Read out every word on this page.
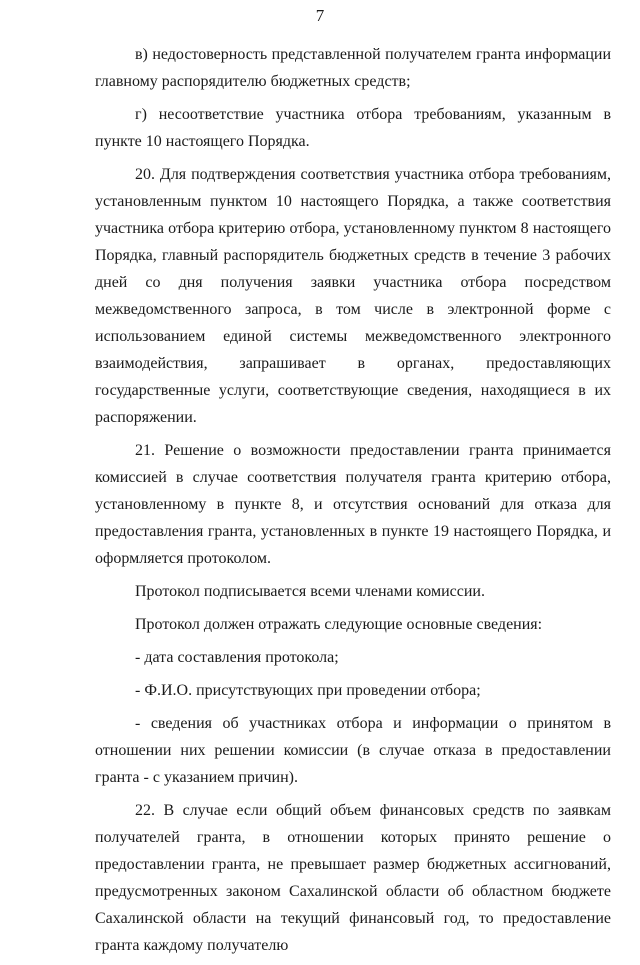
7

в) недостоверность представленной получателем гранта информации главному распорядителю бюджетных средств;

г) несоответствие участника отбора требованиям, указанным в пункте 10 настоящего Порядка.

20. Для подтверждения соответствия участника отбора требованиям, установленным пунктом 10 настоящего Порядка, а также соответствия участника отбора критерию отбора, установленному пунктом 8 настоящего Порядка, главный распорядитель бюджетных средств в течение 3 рабочих дней со дня получения заявки участника отбора посредством межведомственного запроса, в том числе в электронной форме с использованием единой системы межведомственного электронного взаимодействия, запрашивает в органах, предоставляющих государственные услуги, соответствующие сведения, находящиеся в их распоряжении.

21. Решение о возможности предоставлении гранта принимается комиссией в случае соответствия получателя гранта критерию отбора, установленному в пункте 8, и отсутствия оснований для отказа для предоставления гранта, установленных в пункте 19 настоящего Порядка, и оформляется протоколом.

Протокол подписывается всеми членами комиссии.

Протокол должен отражать следующие основные сведения:

- дата составления протокола;

- Ф.И.О. присутствующих при проведении отбора;

- сведения об участниках отбора и информации о принятом в отношении них решении комиссии (в случае отказа в предоставлении гранта - с указанием причин).

22. В случае если общий объем финансовых средств по заявкам получателей гранта, в отношении которых принято решение о предоставлении гранта, не превышает размер бюджетных ассигнований, предусмотренных законом Сахалинской области об областном бюджете Сахалинской области на текущий финансовый год, то предоставление гранта каждому получателю
